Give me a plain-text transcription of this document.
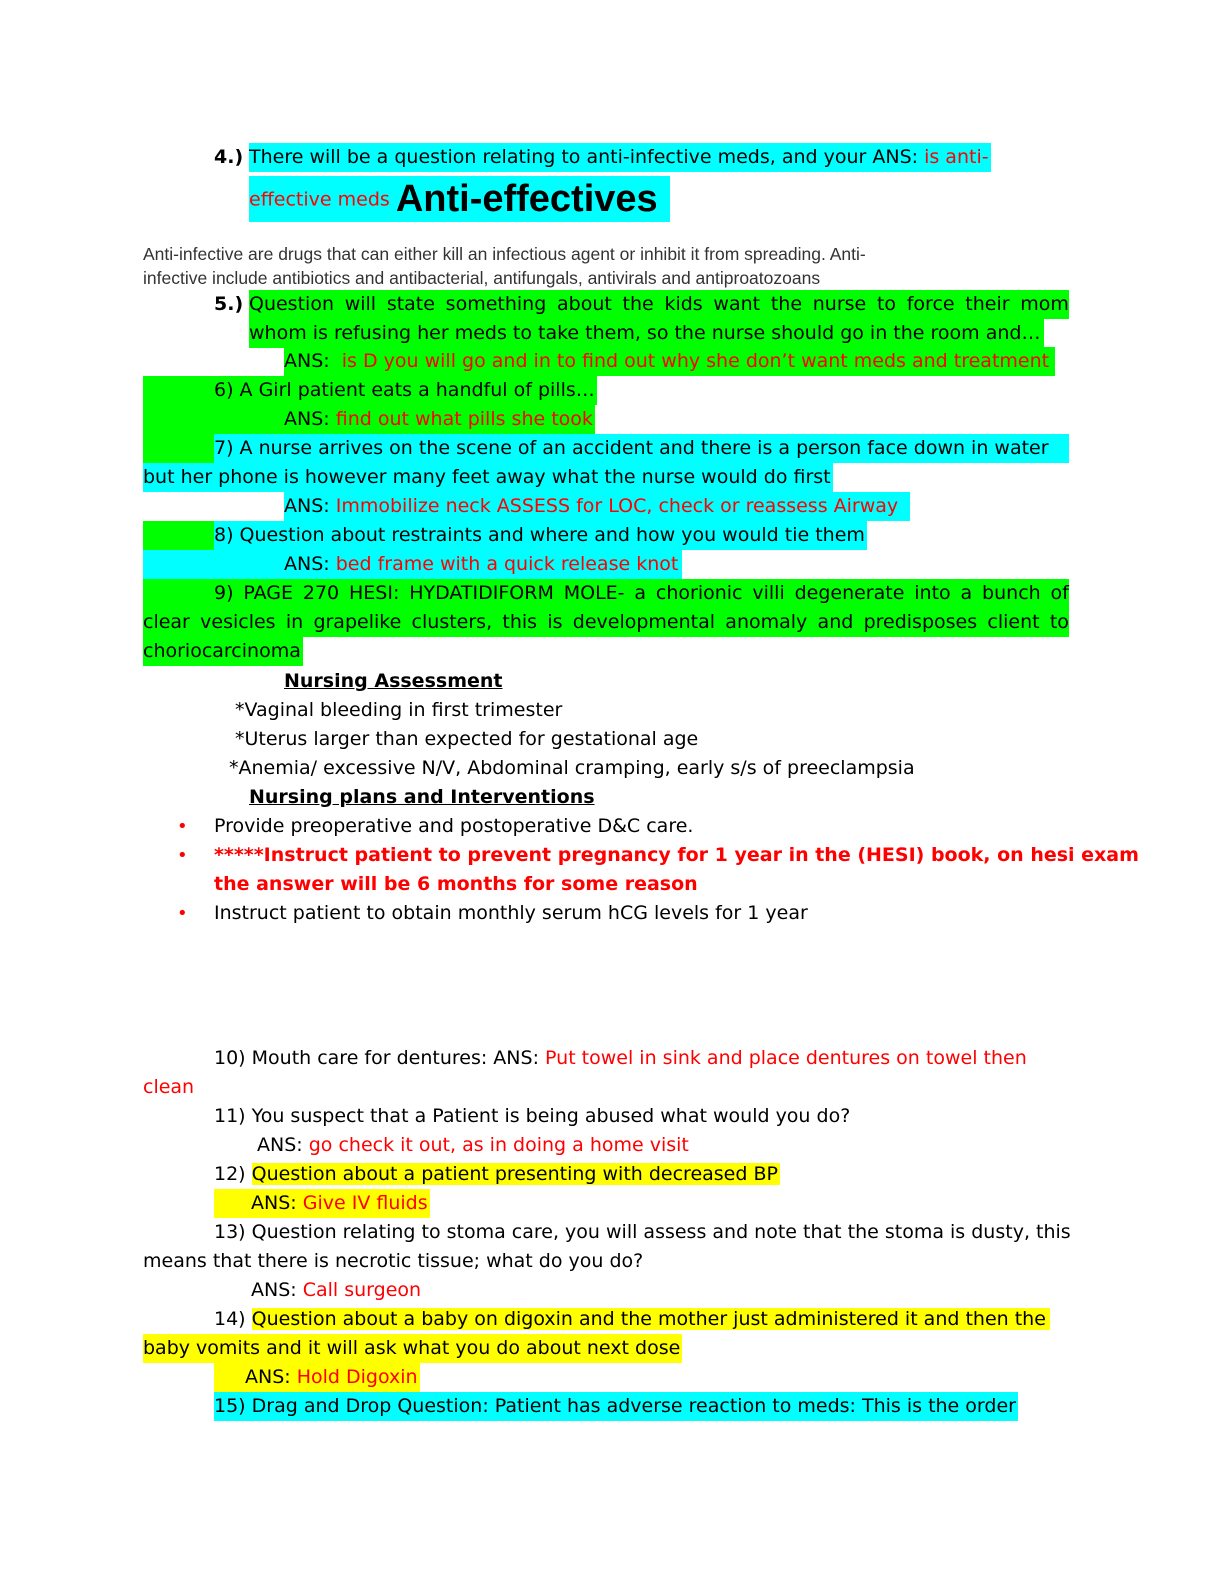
4.) There will be a question relating to anti-infective meds, and your ANS: is anti-
effective meds Anti-effectives
Anti-infective are drugs that can either kill an infectious agent or inhibit it from spreading. Anti-
infective include antibiotics and antibacterial, antifungals, antivirals and antiproatozoans
5.) Question will state something about the kids want the nurse to force their mom
whom is refusing her meds to take them, so the nurse should go in the room and…
ANS: is D you will go and in to find out why she don’t want meds and treatment
6) A Girl patient eats a handful of pills…
ANS: find out what pills she took
7) A nurse arrives on the scene of an accident and there is a person face down in water
but her phone is however many feet away what the nurse would do first
ANS: Immobilize neck ASSESS for LOC, check or reassess Airway
8) Question about restraints and where and how you would tie them
ANS: bed frame with a quick release knot
9) PAGE 270 HESI: HYDATIDIFORM MOLE- a chorionic villi degenerate into a bunch of
clear vesicles in grapelike clusters, this is developmental anomaly and predisposes client to
choriocarcinoma
Nursing Assessment
*Vaginal bleeding in first trimester
*Uterus larger than expected for gestational age
*Anemia/ excessive N/V, Abdominal cramping, early s/s of preeclampsia
Nursing plans and Interventions
• Provide preoperative and postoperative D&C care.
• *****Instruct patient to prevent pregnancy for 1 year in the (HESI) book, on hesi exam
the answer will be 6 months for some reason
• Instruct patient to obtain monthly serum hCG levels for 1 year
10) Mouth care for dentures: ANS: Put towel in sink and place dentures on towel then
clean
11) You suspect that a Patient is being abused what would you do?
ANS: go check it out, as in doing a home visit
12) Question about a patient presenting with decreased BP
ANS: Give IV fluids
13) Question relating to stoma care, you will assess and note that the stoma is dusty, this
means that there is necrotic tissue; what do you do?
ANS: Call surgeon
14) Question about a baby on digoxin and the mother just administered it and then the
baby vomits and it will ask what you do about next dose
ANS: Hold Digoxin
15) Drag and Drop Question: Patient has adverse reaction to meds: This is the order
